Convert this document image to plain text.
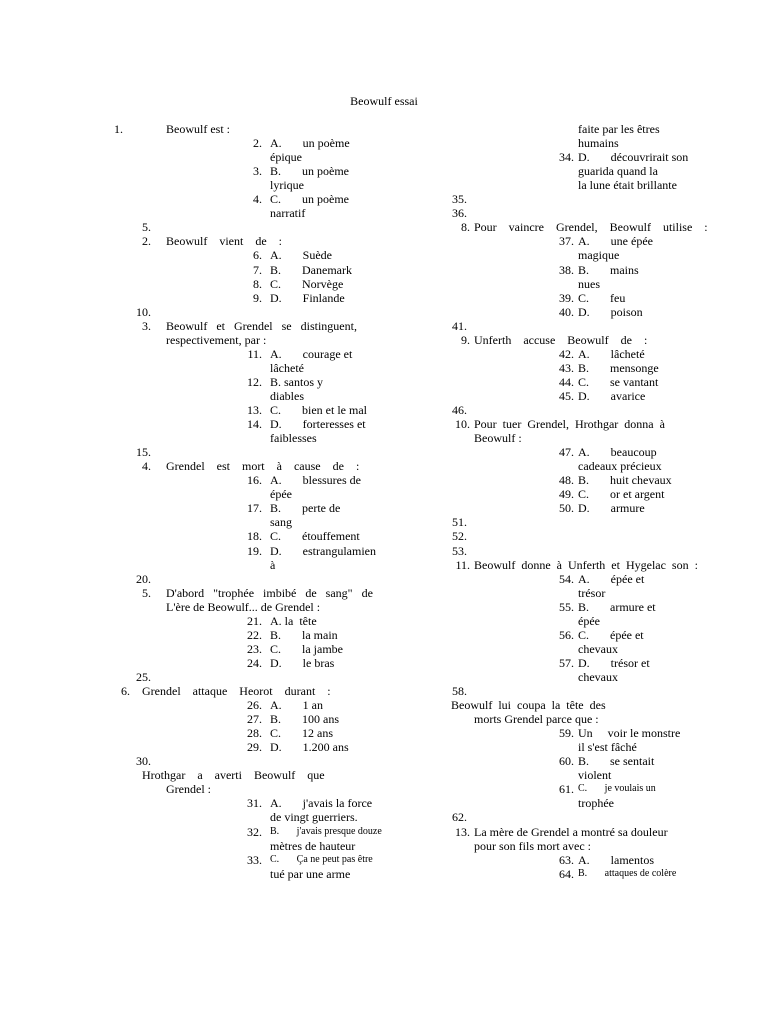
Beowulf essai
1.	Beowulf est :
2. A.       un poème
épique
3. B.       un poème
lyrique
4. C.       un poème
narratif
5.
2. Beowulf    vient    de    :
6. A.       Suède
7. B.       Danemark
8. C.       Norvège
9. D.       Finlande
10.
3. Beowulf   et   Grendel   se   distinguent,
respectivement, par :
11. A.       courage et
lâcheté
12. B. santos y
diables
13. C.       bien et le mal
14. D.       forteresses et
faiblesses
15.
4. Grendel    est    mort    à    cause    de    :
16. A.       blessures de
épée
17. B.       perte de
sang
18. C.       étouffement
19. D.       estrangulamien
à
20.
5. D'abord   "trophée   imbibé   de   sang"   de
L'ère de Beowulf... de Grendel :
21. A. la  tête
22. B.       la main
23. C.       la jambe
24. D.       le bras
25.
6. Grendel    attaque    Heorot    durant    :
26. A.       1 an
27. B.       100 ans
28. C.       12 ans
29. D.       1.200 ans
30.
Hrothgar    a    averti    Beowulf    que
Grendel :
31. A.       j'avais la force
de vingt guerriers.
32. B.       j'avais presque douze
mètres de hauteur
33. C.       Ça ne peut pas être
tué par une arme
faite par les êtres
humains
34. D.       découvrirait son
guarida quand la
la lune était brillante
35.
36.
8. Pour    vaincre    Grendel,    Beowulf    utilise    :
37. A.       une épée
magique
38. B.       mains
nues
39. C.       feu
40. D.       poison
41.
9. Unferth    accuse    Beowulf    de    :
42. A.       lâcheté
43. B.       mensonge
44. C.       se vantant
45. D.       avarice
46.
10. Pour  tuer  Grendel,  Hrothgar  donna  à
Beowulf :
47. A.       beaucoup
cadeaux précieux
48. B.       huit chevaux
49. C.       or et argent
50. D.       armure
51.
52.
53.
11. Beowulf  donne  à  Unferth  et  Hygelac  son  :
54. A.       épée et
trésor
55. B.       armure et
épée
56. C.       épée et
chevaux
57. D.       trésor et
chevaux
58.
Beowulf  lui  coupa  la  tête  des
morts Grendel parce que :
59. Un     voir le monstre
il s'est fâché
60. B.       se sentait
violent
61. C.       je voulais un
trophée
62.
13. La mère de Grendel a montré sa douleur
pour son fils mort avec :
63. A.       lamentos
64. B.       attaques de colère
